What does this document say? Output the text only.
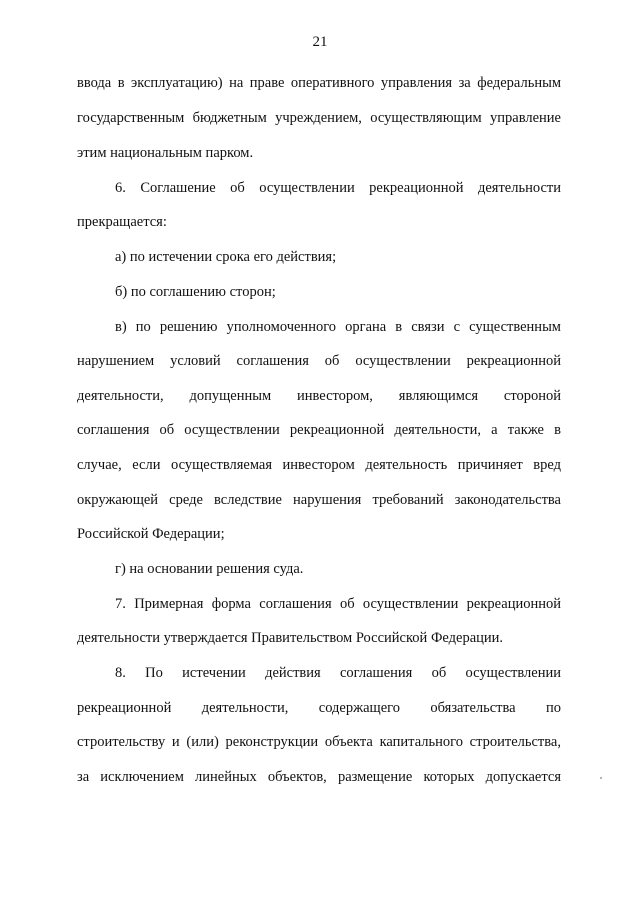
21
ввода в эксплуатацию) на праве оперативного управления за федеральным
государственным бюджетным учреждением, осуществляющим управление
этим национальным парком.
6. Соглашение об осуществлении рекреационной деятельности
прекращается:
а) по истечении срока его действия;
б) по соглашению сторон;
в) по решению уполномоченного органа в связи с существенным
нарушением условий соглашения об осуществлении рекреационной
деятельности, допущенным инвестором, являющимся стороной
соглашения об осуществлении рекреационной деятельности, а также в
случае, если осуществляемая инвестором деятельность причиняет вред
окружающей среде вследствие нарушения требований законодательства
Российской Федерации;
г) на основании решения суда.
7. Примерная форма соглашения об осуществлении рекреационной
деятельности утверждается Правительством Российской Федерации.
8. По истечении действия соглашения об осуществлении
рекреационной деятельности, содержащего обязательства по
строительству и (или) реконструкции объекта капитального строительства,
за исключением линейных объектов, размещение которых допускается
